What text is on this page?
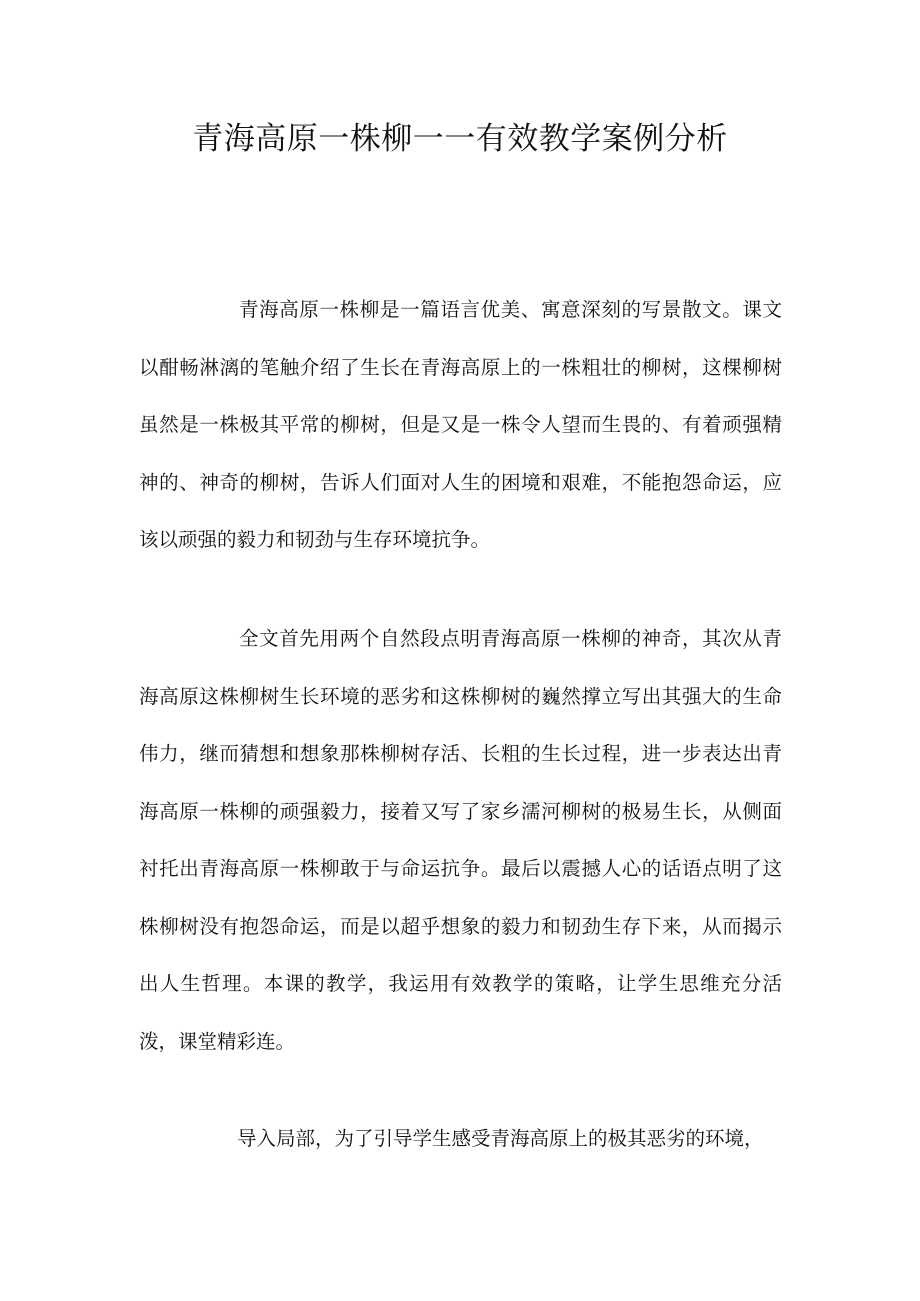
青海高原一株柳一一有效教学案例分析

青海高原一株柳是一篇语言优美、寓意深刻的写景散文。课文以酣畅淋漓的笔触介绍了生长在青海高原上的一株粗壮的柳树，这棵柳树虽然是一株极其平常的柳树，但是又是一株令人望而生畏的、有着顽强精神的、神奇的柳树，告诉人们面对人生的困境和艰难，不能抱怨命运，应该以顽强的毅力和韧劲与生存环境抗争。

全文首先用两个自然段点明青海高原一株柳的神奇，其次从青海高原这株柳树生长环境的恶劣和这株柳树的巍然撑立写出其强大的生命伟力，继而猜想和想象那株柳树存活、长粗的生长过程，进一步表达出青海高原一株柳的顽强毅力，接着又写了家乡濡河柳树的极易生长，从侧面衬托出青海高原一株柳敢于与命运抗争。最后以震撼人心的话语点明了这株柳树没有抱怨命运，而是以超乎想象的毅力和韧劲生存下来，从而揭示出人生哲理。本课的教学，我运用有效教学的策略，让学生思维充分活泼，课堂精彩连。

导入局部，为了引导学生感受青海高原上的极其恶劣的环境，
